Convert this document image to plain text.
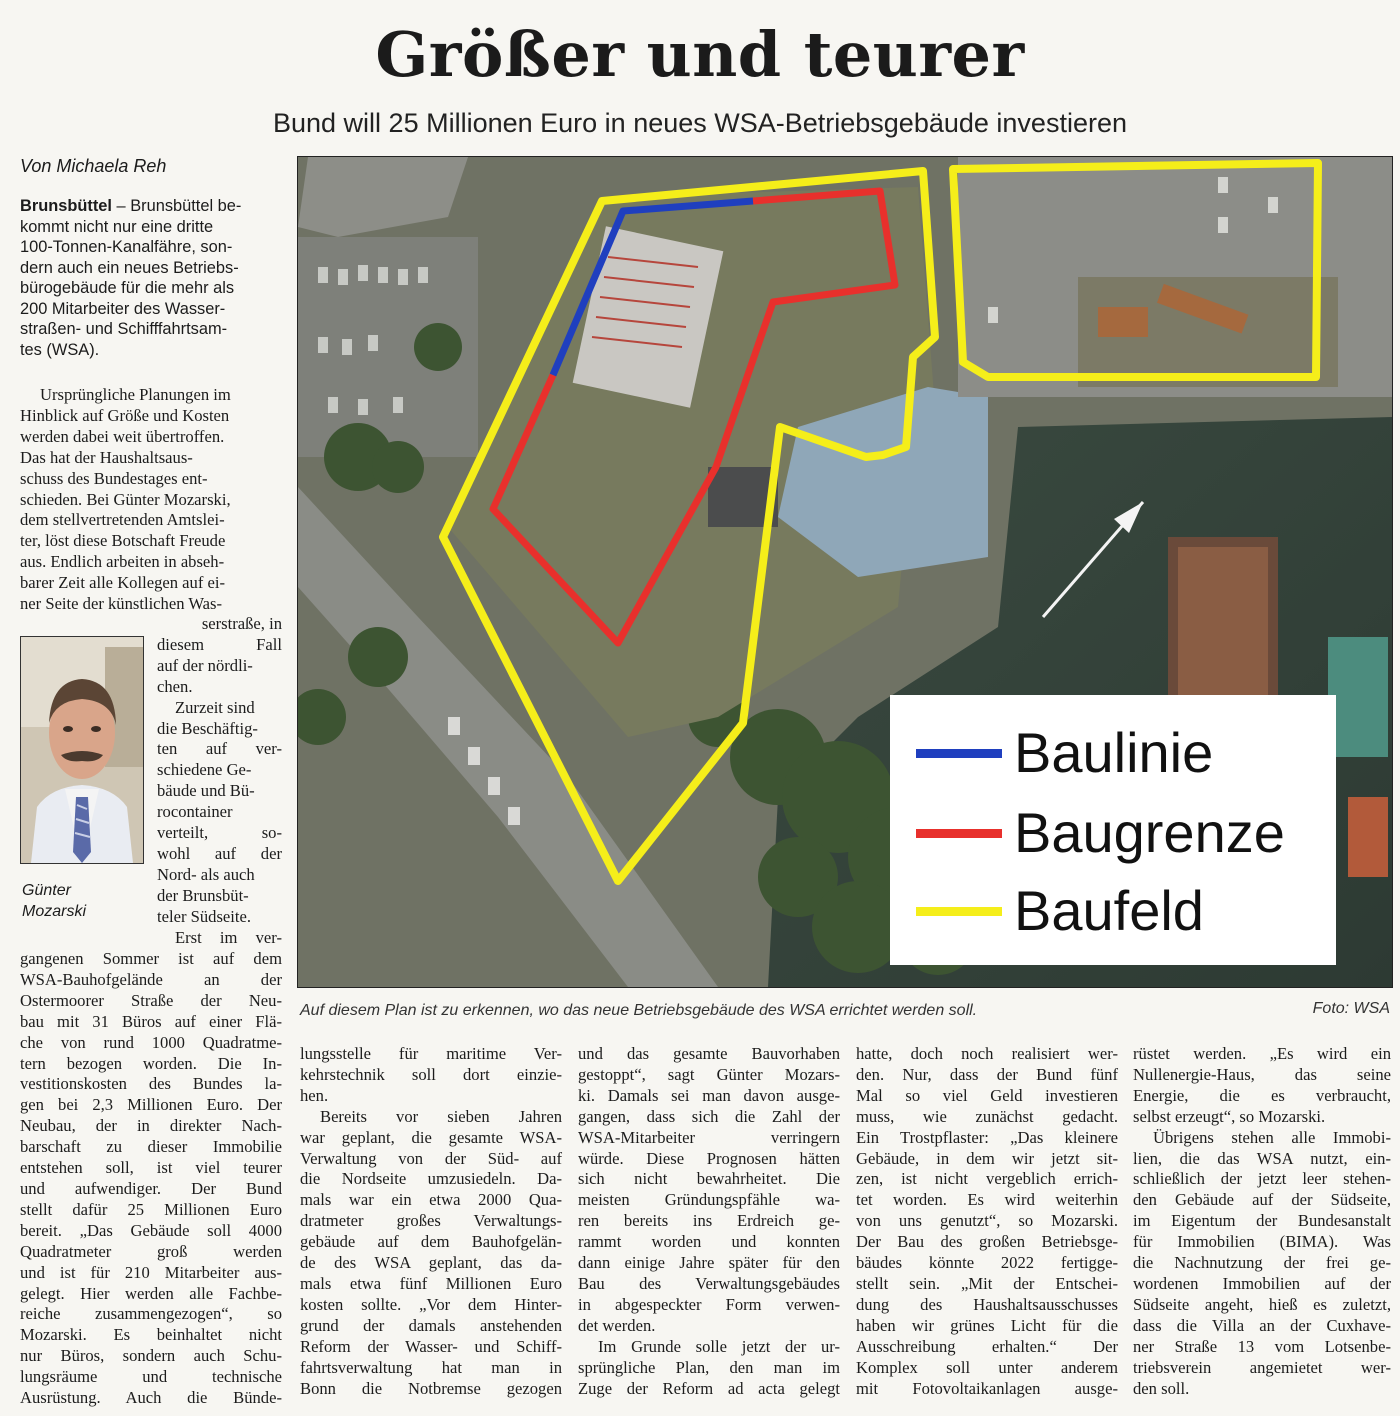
Größer und teurer
Bund will 25 Millionen Euro in neues WSA-Betriebsgebäude investieren
Von Michaela Reh
Brunsbüttel – Brunsbüttel be-
kommt nicht nur eine dritte
100-Tonnen-Kanalfähre, son-
dern auch ein neues Betriebs-
bürogebäude für die mehr als
200 Mitarbeiter des Wasser-
straßen- und Schifffahrtsam-
tes (WSA).
Ursprüngliche Planungen im
Hinblick auf Größe und Kosten
werden dabei weit übertroffen.
Das hat der Haushaltsaus-
schuss des Bundestages ent-
schieden. Bei Günter Mozarski,
dem stellvertretenden Amtslei-
ter, löst diese Botschaft Freude
aus. Endlich arbeiten in abseh-
barer Zeit alle Kollegen auf ei-
ner Seite der künstlichen Was-
Günter
Mozarski
serstraße, in
diesem Fall
auf der nördli-
chen.
Zurzeit sind
die Beschäftig-
ten auf ver-
schiedene Ge-
bäude und Bü-
rocontainer
verteilt, so-
wohl auf der
Nord- als auch
der Brunsbüt-
teler Südseite.
Erst im ver-
gangenen Sommer ist auf dem
WSA-Bauhofgelände an der
Ostermoorer Straße der Neu-
bau mit 31 Büros auf einer Flä-
che von rund 1000 Quadratme-
tern bezogen worden. Die In-
vestitionskosten des Bundes la-
gen bei 2,3 Millionen Euro. Der
Neubau, der in direkter Nach-
barschaft zu dieser Immobilie
entstehen soll, ist viel teurer
und aufwendiger. Der Bund
stellt dafür 25 Millionen Euro
bereit. „Das Gebäude soll 4000
Quadratmeter groß werden
und ist für 210 Mitarbeiter aus-
gelegt. Hier werden alle Fachbe-
reiche zusammengezogen“, so
Mozarski. Es beinhaltet nicht
nur Büros, sondern auch Schu-
lungsräume und technische
Ausrüstung. Auch die Bünde-
Baulinie
Baugrenze
Baufeld
Auf diesem Plan ist zu erkennen, wo das neue Betriebsgebäude des WSA errichtet werden soll.	Foto: WSA
lungsstelle für maritime Ver-
kehrstechnik soll dort einzie-
hen.
Bereits vor sieben Jahren
war geplant, die gesamte WSA-
Verwaltung von der Süd- auf
die Nordseite umzusiedeln. Da-
mals war ein etwa 2000 Qua-
dratmeter großes Verwaltungs-
gebäude auf dem Bauhofgelän-
de des WSA geplant, das da-
mals etwa fünf Millionen Euro
kosten sollte. „Vor dem Hinter-
grund der damals anstehenden
Reform der Wasser- und Schiff-
fahrtsverwaltung hat man in
Bonn die Notbremse gezogen
und das gesamte Bauvorhaben
gestoppt“, sagt Günter Mozars-
ki. Damals sei man davon ausge-
gangen, dass sich die Zahl der
WSA-Mitarbeiter verringern
würde. Diese Prognosen hätten
sich nicht bewahrheitet. Die
meisten Gründungspfähle wa-
ren bereits ins Erdreich ge-
rammt worden und konnten
dann einige Jahre später für den
Bau des Verwaltungsgebäudes
in abgespeckter Form verwen-
det werden.
Im Grunde solle jetzt der ur-
sprüngliche Plan, den man im
Zuge der Reform ad acta gelegt
hatte, doch noch realisiert wer-
den. Nur, dass der Bund fünf
Mal so viel Geld investieren
muss, wie zunächst gedacht.
Ein Trostpflaster: „Das kleinere
Gebäude, in dem wir jetzt sit-
zen, ist nicht vergeblich errich-
tet worden. Es wird weiterhin
von uns genutzt“, so Mozarski.
Der Bau des großen Betriebsge-
bäudes könnte 2022 fertigge-
stellt sein. „Mit der Entschei-
dung des Haushaltsausschusses
haben wir grünes Licht für die
Ausschreibung erhalten.“ Der
Komplex soll unter anderem
mit Fotovoltaikanlagen ausge-
rüstet werden. „Es wird ein
Nullenergie-Haus, das seine
Energie, die es verbraucht,
selbst erzeugt“, so Mozarski.
Übrigens stehen alle Immobi-
lien, die das WSA nutzt, ein-
schließlich der jetzt leer stehen-
den Gebäude auf der Südseite,
im Eigentum der Bundesanstalt
für Immobilien (BIMA). Was
die Nachnutzung der frei ge-
wordenen Immobilien auf der
Südseite angeht, hieß es zuletzt,
dass die Villa an der Cuxhave-
ner Straße 13 vom Lotsenbe-
triebsverein angemietet wer-
den soll.
